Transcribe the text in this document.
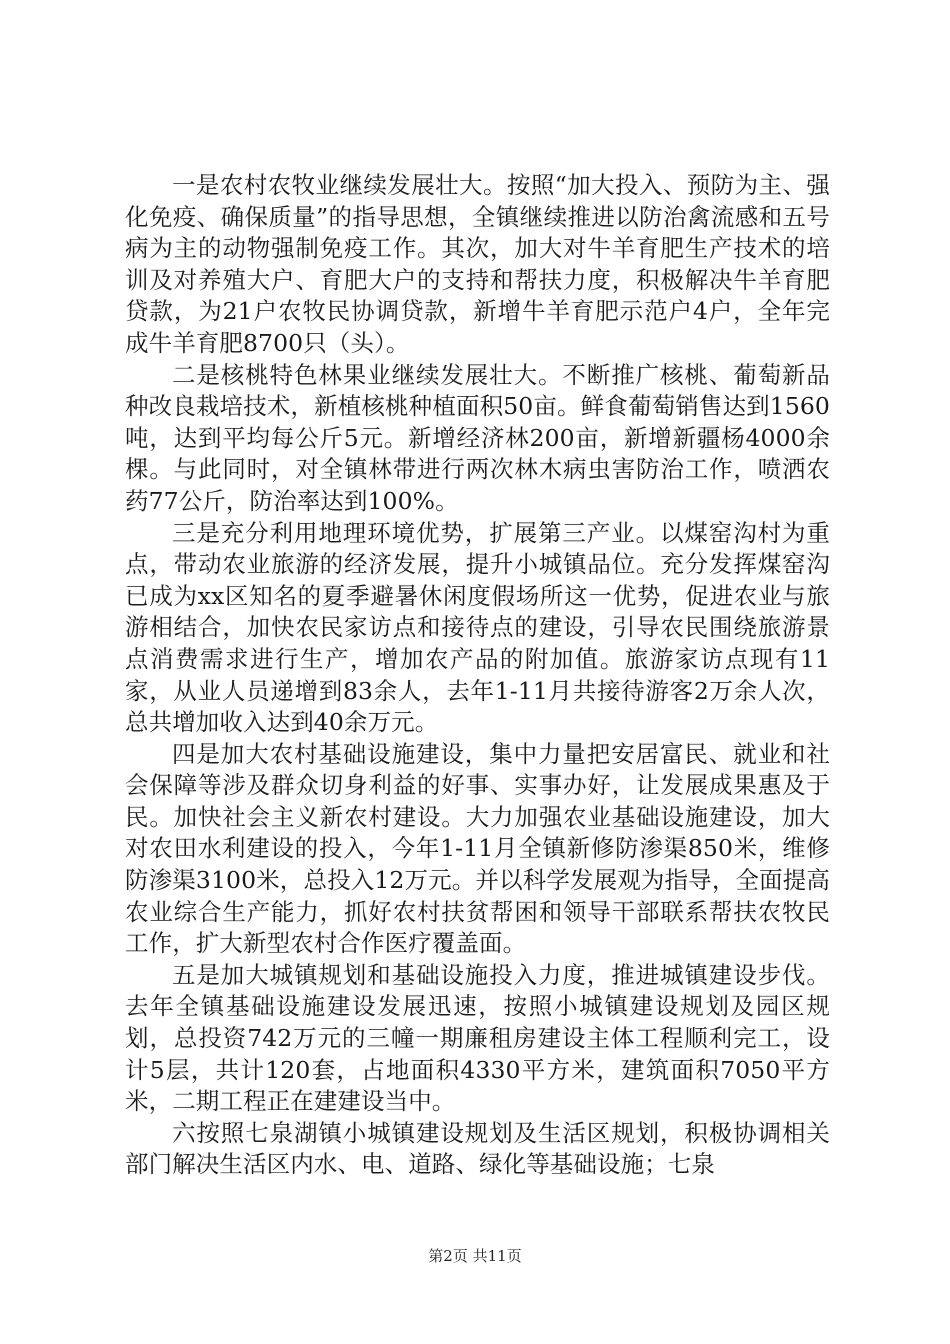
一是农村农牧业继续发展壮大。按照“加大投入、预防为主、强化免疫、确保质量”的指导思想，全镇继续推进以防治禽流感和五号病为主的动物强制免疫工作。其次，加大对牛羊育肥生产技术的培训及对养殖大户、育肥大户的支持和帮扶力度，积极解决牛羊育肥贷款，为21户农牧民协调贷款，新增牛羊育肥示范户4户，全年完成牛羊育肥8700只（头）。

二是核桃特色林果业继续发展壮大。不断推广核桃、葡萄新品种改良栽培技术，新植核桃种植面积50亩。鲜食葡萄销售达到1560吨，达到平均每公斤5元。新增经济林200亩，新增新疆杨4000余棵。与此同时，对全镇林带进行两次林木病虫害防治工作，喷洒农药77公斤，防治率达到100%。

三是充分利用地理环境优势，扩展第三产业。以煤窑沟村为重点，带动农业旅游的经济发展，提升小城镇品位。充分发挥煤窑沟已成为xx区知名的夏季避暑休闲度假场所这一优势，促进农业与旅游相结合，加快农民家访点和接待点的建设，引导农民围绕旅游景点消费需求进行生产，增加农产品的附加值。旅游家访点现有11家，从业人员递增到83余人，去年1-11月共接待游客2万余人次，总共增加收入达到40余万元。

四是加大农村基础设施建设，集中力量把安居富民、就业和社会保障等涉及群众切身利益的好事、实事办好，让发展成果惠及于民。加快社会主义新农村建设。大力加强农业基础设施建设，加大对农田水利建设的投入，今年1-11月全镇新修防渗渠850米，维修防渗渠3100米，总投入12万元。并以科学发展观为指导，全面提高农业综合生产能力，抓好农村扶贫帮困和领导干部联系帮扶农牧民工作，扩大新型农村合作医疗覆盖面。

五是加大城镇规划和基础设施投入力度，推进城镇建设步伐。去年全镇基础设施建设发展迅速，按照小城镇建设规划及园区规划，总投资742万元的三幢一期廉租房建设主体工程顺利完工，设计5层，共计120套，占地面积4330平方米，建筑面积7050平方米，二期工程正在建建设当中。

六按照七泉湖镇小城镇建设规划及生活区规划，积极协调相关部门解决生活区内水、电、道路、绿化等基础设施；七泉

第2页 共11页
